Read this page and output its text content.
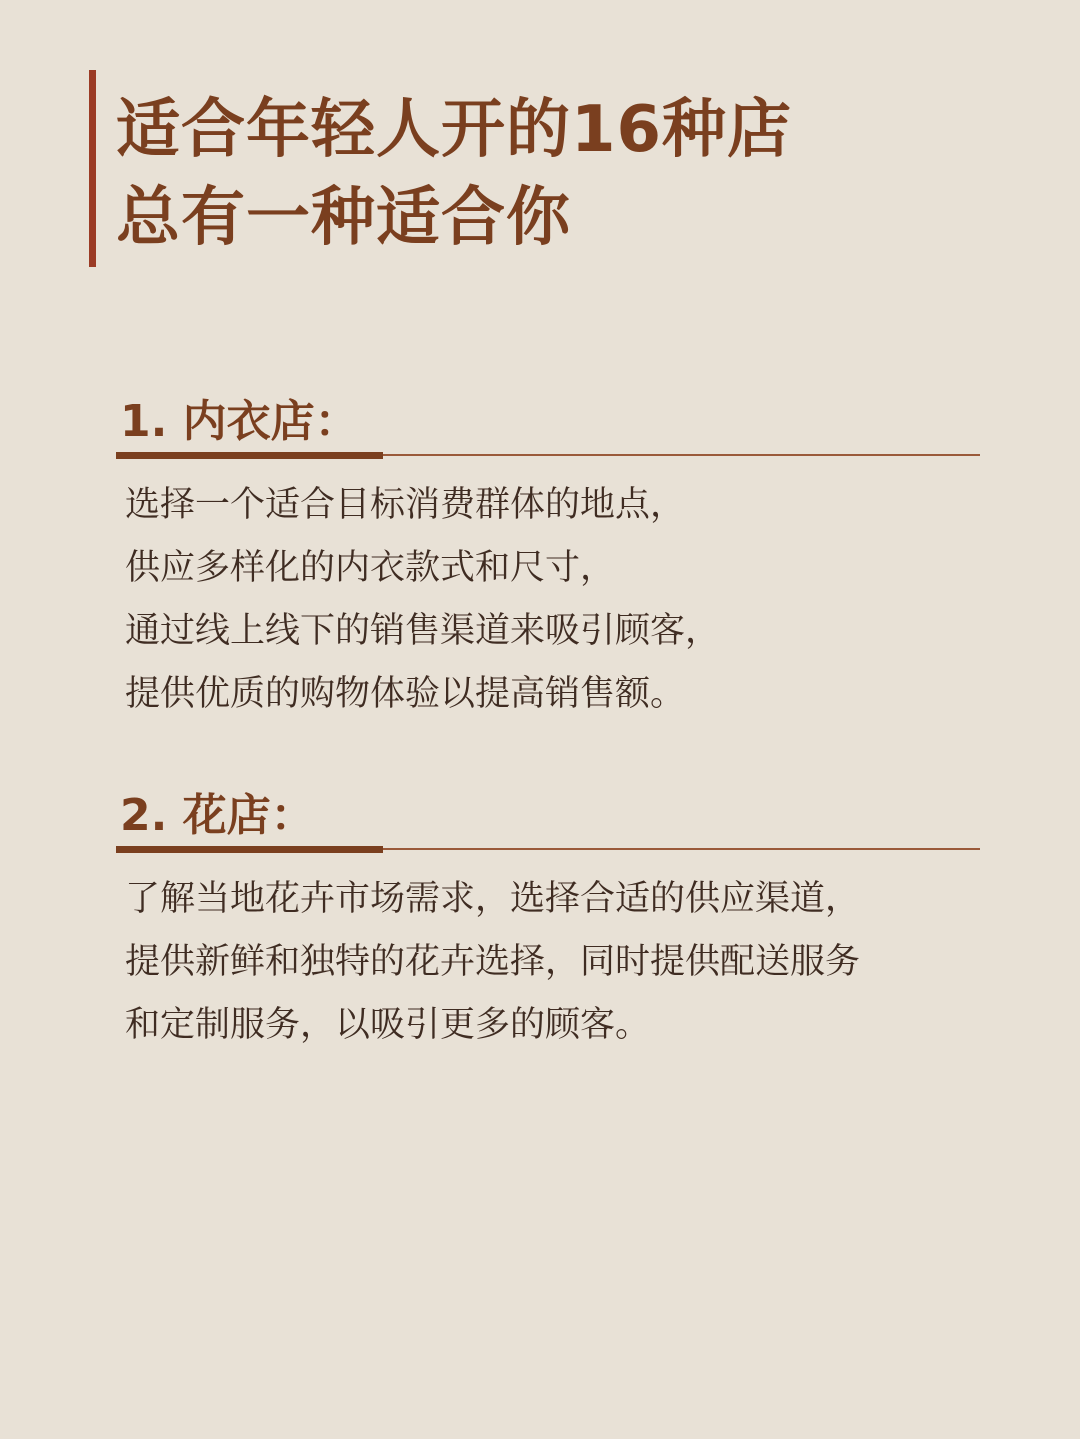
适合年轻人开的16种店
总有一种适合你
1. 内衣店：
选择一个适合目标消费群体的地点，
供应多样化的内衣款式和尺寸，
通过线上线下的销售渠道来吸引顾客，
提供优质的购物体验以提高销售额。
2. 花店：
了解当地花卉市场需求，选择合适的供应渠道，
提供新鲜和独特的花卉选择，同时提供配送服务
和定制服务，以吸引更多的顾客。
